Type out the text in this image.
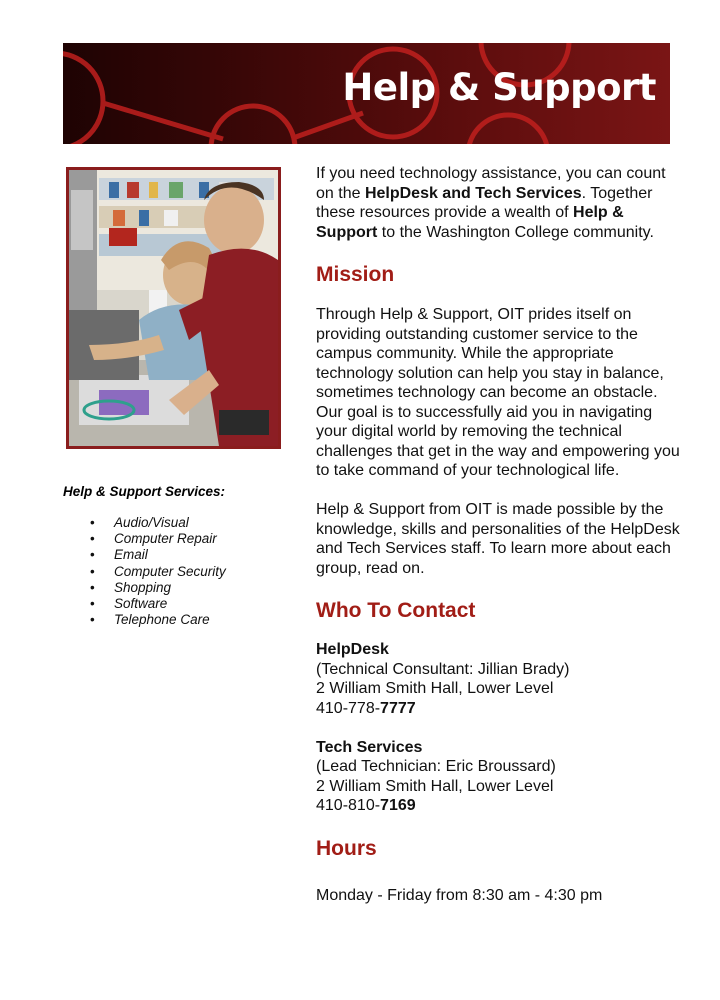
Help & Support
Help & Support Services:
• Audio/Visual
• Computer Repair
• Email
• Computer Security
• Shopping
• Software
• Telephone Care

If you need technology assistance, you can count on the HelpDesk and Tech Services. Together these resources provide a wealth of Help & Support to the Washington College community.

Mission

Through Help & Support, OIT prides itself on providing outstanding customer service to the campus community. While the appropriate technology solution can help you stay in balance, sometimes technology can become an obstacle. Our goal is to successfully aid you in navigating your digital world by removing the technical challenges that get in the way and empowering you to take command of your technological life.

Help & Support from OIT is made possible by the knowledge, skills and personalities of the HelpDesk and Tech Services staff. To learn more about each group, read on.

Who To Contact

HelpDesk

(Technical Consultant: Jillian Brady)

2 William Smith Hall, Lower Level

410-778-7777

Tech Services

(Lead Technician: Eric Broussard)

2 William Smith Hall, Lower Level

410-810-7169

Hours

Monday - Friday from 8:30 am - 4:30 pm
